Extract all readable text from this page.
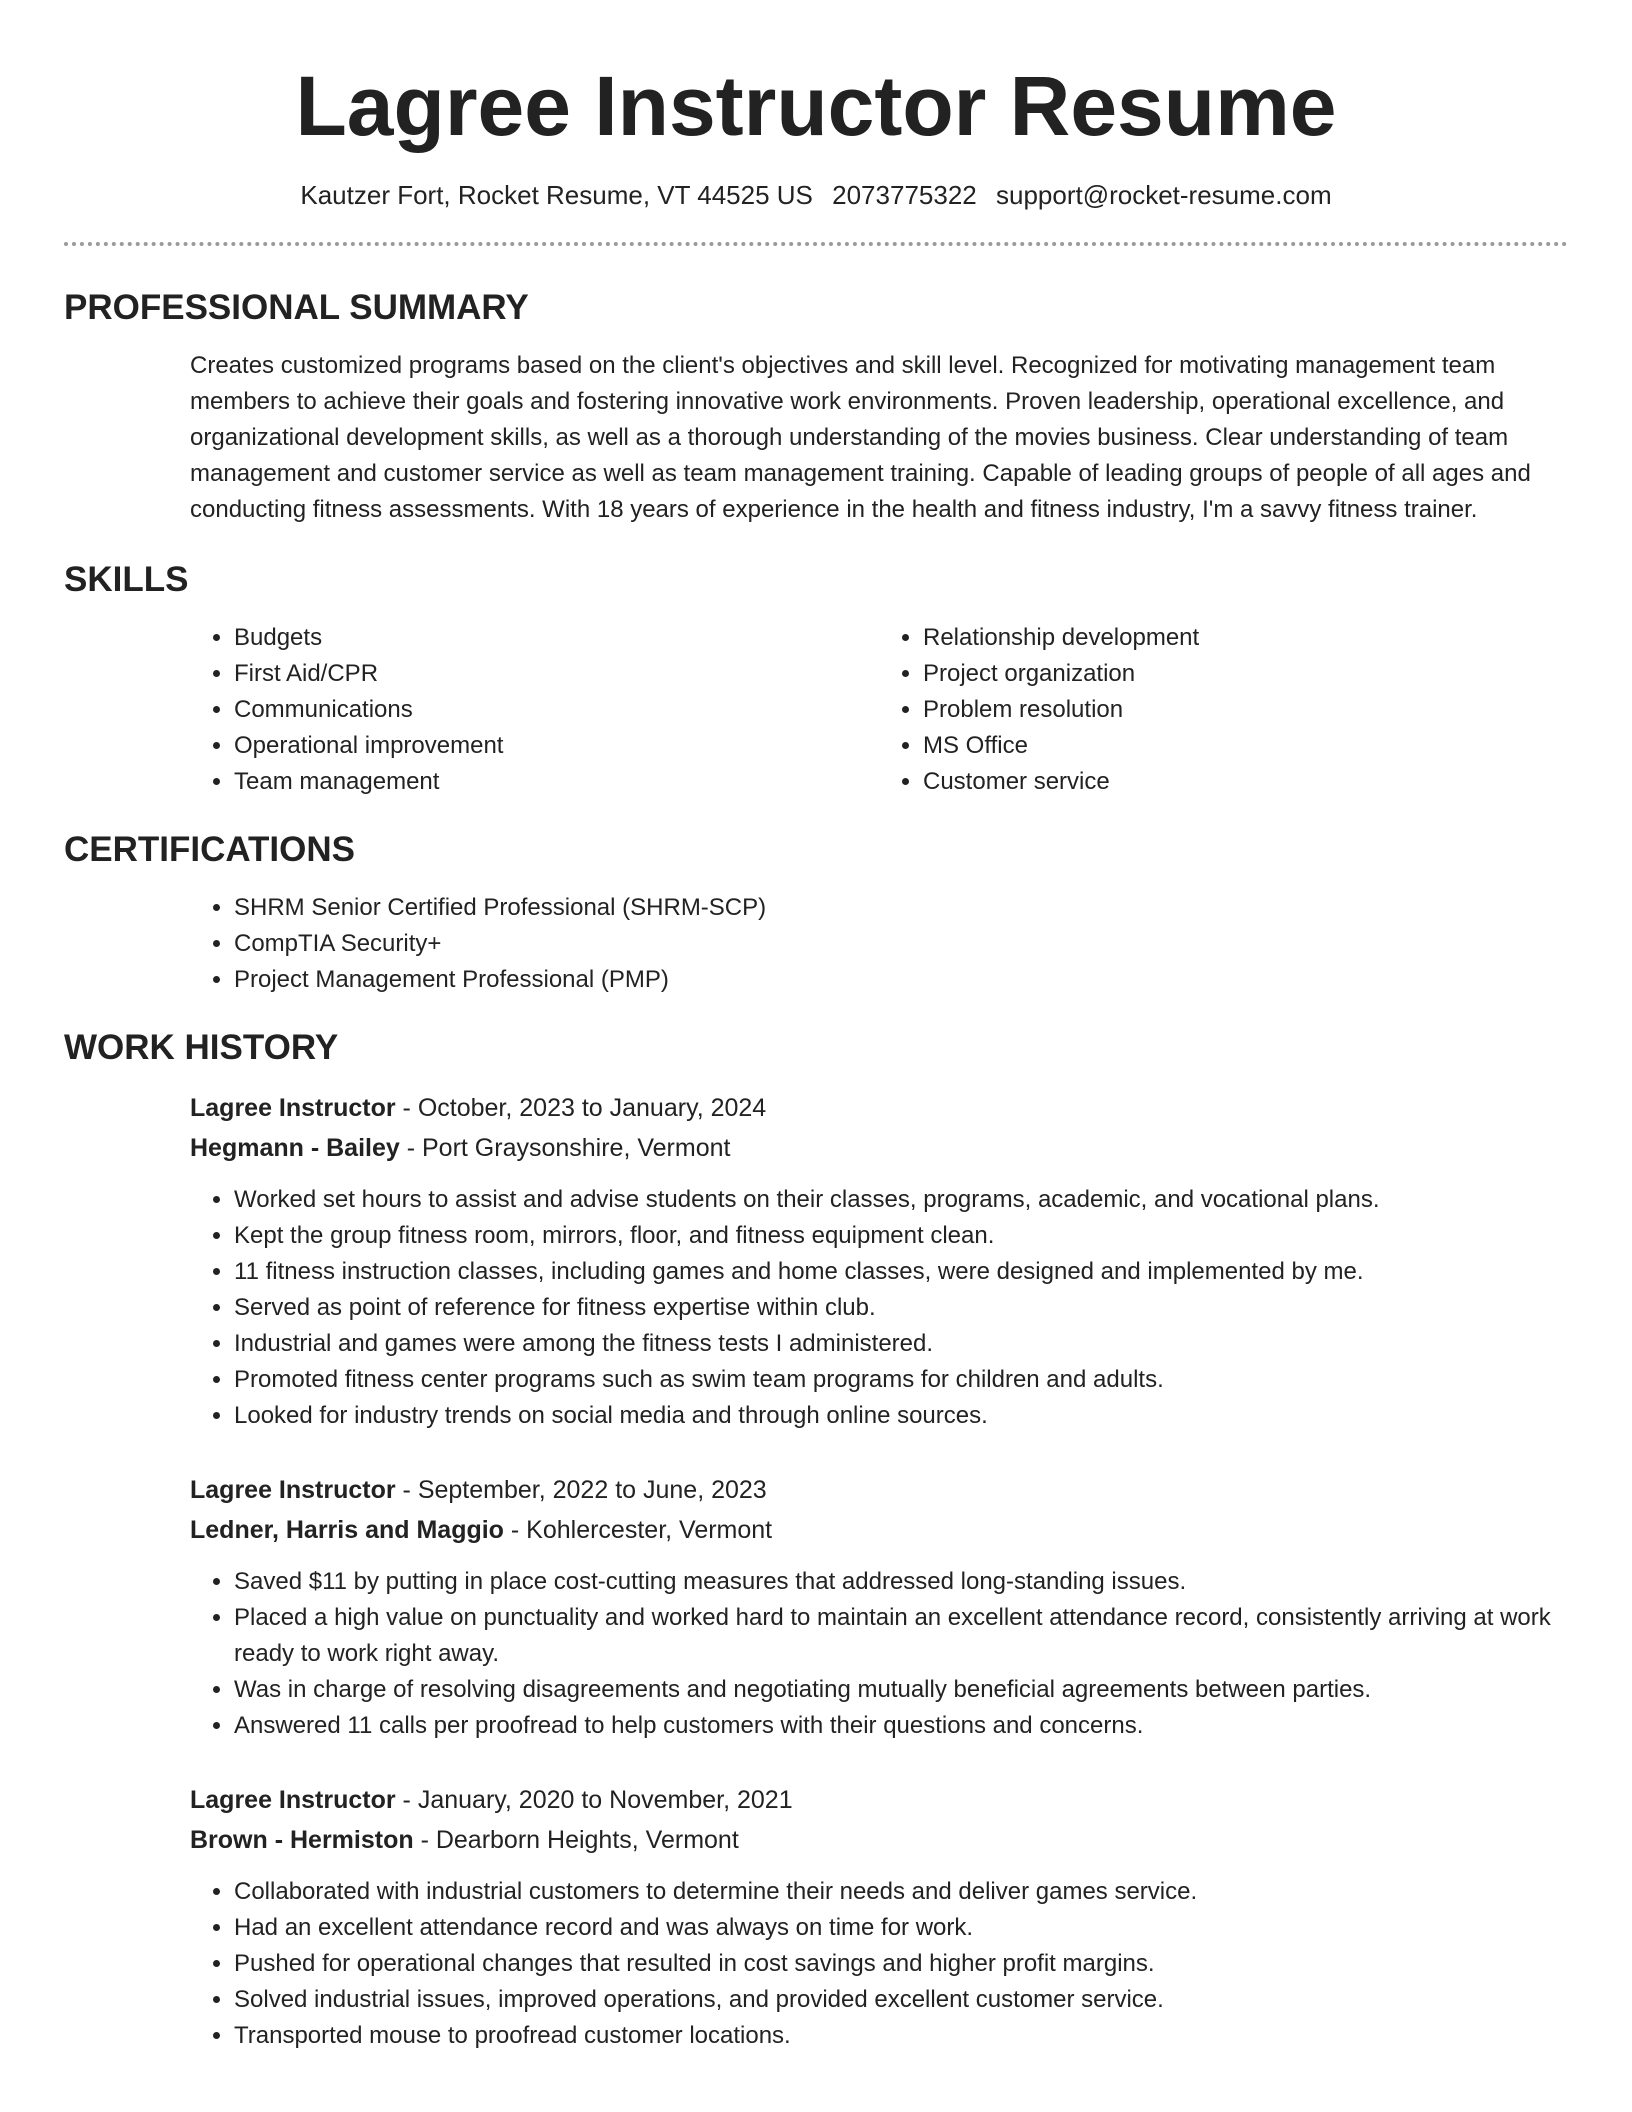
Lagree Instructor Resume
Kautzer Fort, Rocket Resume, VT 44525 US 2073775322 support@rocket-resume.com
PROFESSIONAL SUMMARY

Creates customized programs based on the client's objectives and skill level. Recognized for motivating management team members to achieve their goals and fostering innovative work environments. Proven leadership, operational excellence, and organizational development skills, as well as a thorough understanding of the movies business. Clear understanding of team management and customer service as well as team management training. Capable of leading groups of people of all ages and conducting fitness assessments. With 18 years of experience in the health and fitness industry, I'm a savvy fitness trainer.

SKILLS
• Budgets
• First Aid/CPR
• Communications
• Operational improvement
• Team management
• Relationship development
• Project organization
• Problem resolution
• MS Office
• Customer service
CERTIFICATIONS
• SHRM Senior Certified Professional (SHRM-SCP)
• CompTIA Security+
• Project Management Professional (PMP)
WORK HISTORY
Lagree Instructor - October, 2023 to January, 2024
Hegmann - Bailey - Port Graysonshire, Vermont
• Worked set hours to assist and advise students on their classes, programs, academic, and vocational plans.
• Kept the group fitness room, mirrors, floor, and fitness equipment clean.
• 11 fitness instruction classes, including games and home classes, were designed and implemented by me.
• Served as point of reference for fitness expertise within club.
• Industrial and games were among the fitness tests I administered.
• Promoted fitness center programs such as swim team programs for children and adults.
• Looked for industry trends on social media and through online sources.
Lagree Instructor - September, 2022 to June, 2023
Ledner, Harris and Maggio - Kohlercester, Vermont
• Saved $11 by putting in place cost-cutting measures that addressed long-standing issues.
• Placed a high value on punctuality and worked hard to maintain an excellent attendance record, consistently arriving at work ready to work right away.
• Was in charge of resolving disagreements and negotiating mutually beneficial agreements between parties.
• Answered 11 calls per proofread to help customers with their questions and concerns.
Lagree Instructor - January, 2020 to November, 2021
Brown - Hermiston - Dearborn Heights, Vermont
• Collaborated with industrial customers to determine their needs and deliver games service.
• Had an excellent attendance record and was always on time for work.
• Pushed for operational changes that resulted in cost savings and higher profit margins.
• Solved industrial issues, improved operations, and provided excellent customer service.
• Transported mouse to proofread customer locations.
